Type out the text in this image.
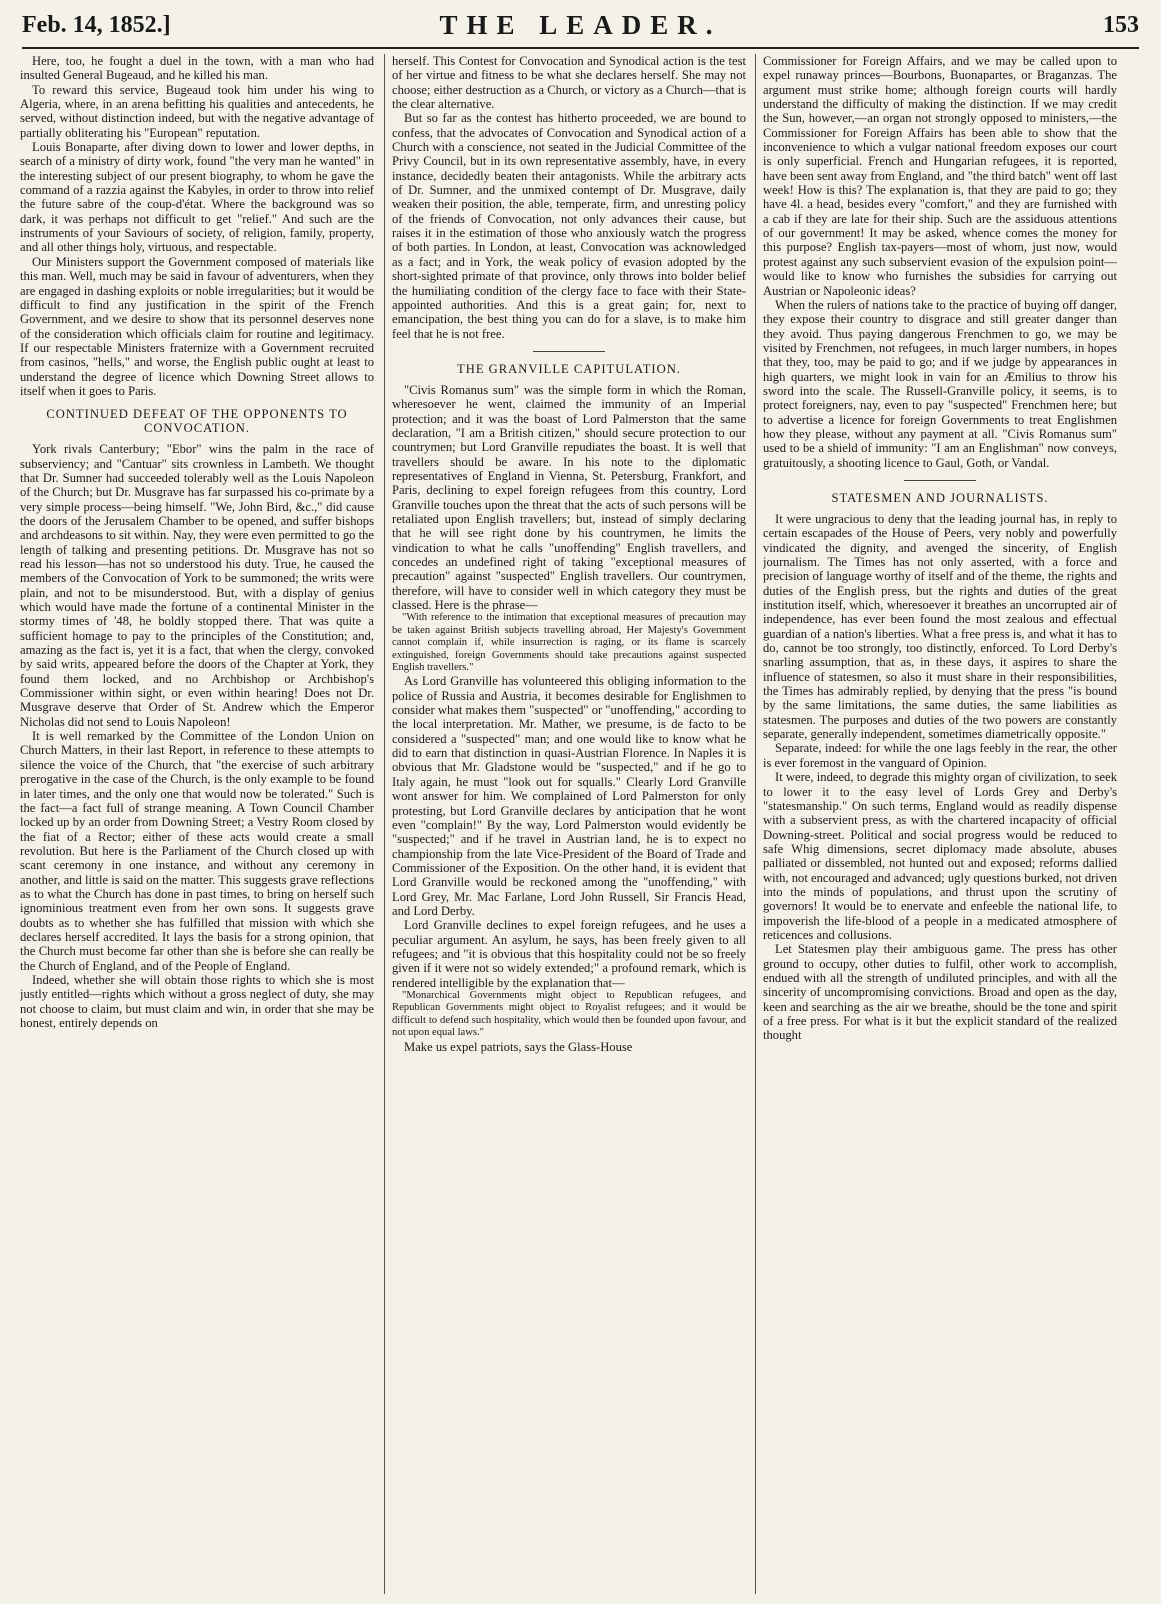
Feb. 14, 1852.]	THE LEADER.	153

Here, too, he fought a duel in the town, with a man who had insulted General Bugeaud, and he killed his man.

To reward this service, Bugeaud took him under his wing to Algeria, where, in an arena befitting his qualities and antecedents, he served, without distinction indeed, but with the negative advantage of partially obliterating his "European" reputation.

Louis Bonaparte, after diving down to lower and lower depths, in search of a ministry of dirty work, found "the very man he wanted" in the interesting subject of our present biography, to whom he gave the command of a razzia against the Kabyles, in order to throw into relief the future sabre of the coup-d'état. Where the background was so dark, it was perhaps not difficult to get "relief." And such are the instruments of your Saviours of society, of religion, family, property, and all other things holy, virtuous, and respectable.

Our Ministers support the Government composed of materials like this man. Well, much may be said in favour of adventurers, when they are engaged in dashing exploits or noble irregularities; but it would be difficult to find any justification in the spirit of the French Government, and we desire to show that its personnel deserves none of the consideration which officials claim for routine and legitimacy. If our respectable Ministers fraternize with a Government recruited from casinos, "hells," and worse, the English public ought at least to understand the degree of licence which Downing Street allows to itself when it goes to Paris.

CONTINUED DEFEAT OF THE OPPONENTS TO CONVOCATION.

York rivals Canterbury; "Ebor" wins the palm in the race of subserviency; and "Cantuar" sits crownless in Lambeth. We thought that Dr. Sumner had succeeded tolerably well as the Louis Napoleon of the Church; but Dr. Musgrave has far surpassed his co-primate by a very simple process—being himself. "We, John Bird, &c.," did cause the doors of the Jerusalem Chamber to be opened, and suffer bishops and archdeasons to sit within. Nay, they were even permitted to go the length of talking and presenting petitions. Dr. Musgrave has not so read his lesson—has not so understood his duty. True, he caused the members of the Convocation of York to be summoned; the writs were plain, and not to be misunderstood. But, with a display of genius which would have made the fortune of a continental Minister in the stormy times of '48, he boldly stopped there. That was quite a sufficient homage to pay to the principles of the Constitution; and, amazing as the fact is, yet it is a fact, that when the clergy, convoked by said writs, appeared before the doors of the Chapter at York, they found them locked, and no Archbishop or Archbishop's Commissioner within sight, or even within hearing! Does not Dr. Musgrave deserve that Order of St. Andrew which the Emperor Nicholas did not send to Louis Napoleon!

It is well remarked by the Committee of the London Union on Church Matters, in their last Report, in reference to these attempts to silence the voice of the Church, that "the exercise of such arbitrary prerogative in the case of the Church, is the only example to be found in later times, and the only one that would now be tolerated." Such is the fact—a fact full of strange meaning. A Town Council Chamber locked up by an order from Downing Street; a Vestry Room closed by the fiat of a Rector; either of these acts would create a small revolution. But here is the Parliament of the Church closed up with scant ceremony in one instance, and without any ceremony in another, and little is said on the matter. This suggests grave reflections as to what the Church has done in past times, to bring on herself such ignominious treatment even from her own sons. It suggests grave doubts as to whether she has fulfilled that mission with which she declares herself accredited. It lays the basis for a strong opinion, that the Church must become far other than she is before she can really be the Church of England, and of the People of England.

Indeed, whether she will obtain those rights to which she is most justly entitled—rights which without a gross neglect of duty, she may not choose to claim, but must claim and win, in order that she may be honest, entirely depends on

herself. This Contest for Convocation and Synodical action is the test of her virtue and fitness to be what she declares herself. She may not choose; either destruction as a Church, or victory as a Church—that is the clear alternative.

But so far as the contest has hitherto proceeded, we are bound to confess, that the advocates of Convocation and Synodical action of a Church with a conscience, not seated in the Judicial Committee of the Privy Council, but in its own representative assembly, have, in every instance, decidedly beaten their antagonists. While the arbitrary acts of Dr. Sumner, and the unmixed contempt of Dr. Musgrave, daily weaken their position, the able, temperate, firm, and unresting policy of the friends of Convocation, not only advances their cause, but raises it in the estimation of those who anxiously watch the progress of both parties. In London, at least, Convocation was acknowledged as a fact; and in York, the weak policy of evasion adopted by the short-sighted primate of that province, only throws into bolder belief the humiliating condition of the clergy face to face with their State-appointed authorities. And this is a great gain; for, next to emancipation, the best thing you can do for a slave, is to make him feel that he is not free.

THE GRANVILLE CAPITULATION.

"Civis Romanus sum" was the simple form in which the Roman, wheresoever he went, claimed the immunity of an Imperial protection; and it was the boast of Lord Palmerston that the same declaration, "I am a British citizen," should secure protection to our countrymen; but Lord Granville repudiates the boast. It is well that travellers should be aware. In his note to the diplomatic representatives of England in Vienna, St. Petersburg, Frankfort, and Paris, declining to expel foreign refugees from this country, Lord Granville touches upon the threat that the acts of such persons will be retaliated upon English travellers; but, instead of simply declaring that he will see right done by his countrymen, he limits the vindication to what he calls "unoffending" English travellers, and concedes an undefined right of taking "exceptional measures of precaution" against "suspected" English travellers. Our countrymen, therefore, will have to consider well in which category they must be classed. Here is the phrase—

"With reference to the intimation that exceptional measures of precaution may be taken against British subjects travelling abroad, Her Majesty's Government cannot complain if, while insurrection is raging, or its flame is scarcely extinguished, foreign Governments should take precautions against suspected English travellers."

As Lord Granville has volunteered this obliging information to the police of Russia and Austria, it becomes desirable for Englishmen to consider what makes them "suspected" or "unoffending," according to the local interpretation. Mr. Mather, we presume, is de facto to be considered a "suspected" man; and one would like to know what he did to earn that distinction in quasi-Austrian Florence. In Naples it is obvious that Mr. Gladstone would be "suspected," and if he go to Italy again, he must "look out for squalls." Clearly Lord Granville wont answer for him. We complained of Lord Palmerston for only protesting, but Lord Granville declares by anticipation that he wont even "complain!" By the way, Lord Palmerston would evidently be "suspected;" and if he travel in Austrian land, he is to expect no championship from the late Vice-President of the Board of Trade and Commissioner of the Exposition. On the other hand, it is evident that Lord Granville would be reckoned among the "unoffending," with Lord Grey, Mr. Mac Farlane, Lord John Russell, Sir Francis Head, and Lord Derby.

Lord Granville declines to expel foreign refugees, and he uses a peculiar argument. An asylum, he says, has been freely given to all refugees; and "it is obvious that this hospitality could not be so freely given if it were not so widely extended;" a profound remark, which is rendered intelligible by the explanation that—

"Monarchical Governments might object to Republican refugees, and Republican Governments might object to Royalist refugees; and it would be difficult to defend such hospitality, which would then be founded upon favour, and not upon equal laws."

Make us expel patriots, says the Glass-House

Commissioner for Foreign Affairs, and we may be called upon to expel runaway princes—Bourbons, Buonapartes, or Braganzas. The argument must strike home; although foreign courts will hardly understand the difficulty of making the distinction. If we may credit the Sun, however,—an organ not strongly opposed to ministers,—the Commissioner for Foreign Affairs has been able to show that the inconvenience to which a vulgar national freedom exposes our court is only superficial. French and Hungarian refugees, it is reported, have been sent away from England, and "the third batch" went off last week! How is this? The explanation is, that they are paid to go; they have 4l. a head, besides every "comfort," and they are furnished with a cab if they are late for their ship. Such are the assiduous attentions of our government! It may be asked, whence comes the money for this purpose? English tax-payers—most of whom, just now, would protest against any such subservient evasion of the expulsion point—would like to know who furnishes the subsidies for carrying out Austrian or Napoleonic ideas?

When the rulers of nations take to the practice of buying off danger, they expose their country to disgrace and still greater danger than they avoid. Thus paying dangerous Frenchmen to go, we may be visited by Frenchmen, not refugees, in much larger numbers, in hopes that they, too, may be paid to go; and if we judge by appearances in high quarters, we might look in vain for an Æmilius to throw his sword into the scale. The Russell-Granville policy, it seems, is to protect foreigners, nay, even to pay "suspected" Frenchmen here; but to advertise a licence for foreign Governments to treat Englishmen how they please, without any payment at all. "Civis Romanus sum" used to be a shield of immunity: "I am an Englishman" now conveys, gratuitously, a shooting licence to Gaul, Goth, or Vandal.

STATESMEN AND JOURNALISTS.

It were ungracious to deny that the leading journal has, in reply to certain escapades of the House of Peers, very nobly and powerfully vindicated the dignity, and avenged the sincerity, of English journalism. The Times has not only asserted, with a force and precision of language worthy of itself and of the theme, the rights and duties of the English press, but the rights and duties of the great institution itself, which, wheresoever it breathes an uncorrupted air of independence, has ever been found the most zealous and effectual guardian of a nation's liberties. What a free press is, and what it has to do, cannot be too strongly, too distinctly, enforced. To Lord Derby's snarling assumption, that as, in these days, it aspires to share the influence of statesmen, so also it must share in their responsibilities, the Times has admirably replied, by denying that the press "is bound by the same limitations, the same duties, the same liabilities as statesmen. The purposes and duties of the two powers are constantly separate, generally independent, sometimes diametrically opposite."

Separate, indeed: for while the one lags feebly in the rear, the other is ever foremost in the vanguard of Opinion.

It were, indeed, to degrade this mighty organ of civilization, to seek to lower it to the easy level of Lords Grey and Derby's "statesmanship." On such terms, England would as readily dispense with a subservient press, as with the chartered incapacity of official Downing-street. Political and social progress would be reduced to safe Whig dimensions, secret diplomacy made absolute, abuses palliated or dissembled, not hunted out and exposed; reforms dallied with, not encouraged and advanced; ugly questions burked, not driven into the minds of populations, and thrust upon the scrutiny of governors! It would be to enervate and enfeeble the national life, to impoverish the life-blood of a people in a medicated atmosphere of reticences and collusions.

Let Statesmen play their ambiguous game. The press has other ground to occupy, other duties to fulfil, other work to accomplish, endued with all the strength of undiluted principles, and with all the sincerity of uncompromising convictions. Broad and open as the day, keen and searching as the air we breathe, should be the tone and spirit of a free press. For what is it but the explicit standard of the realized thought
